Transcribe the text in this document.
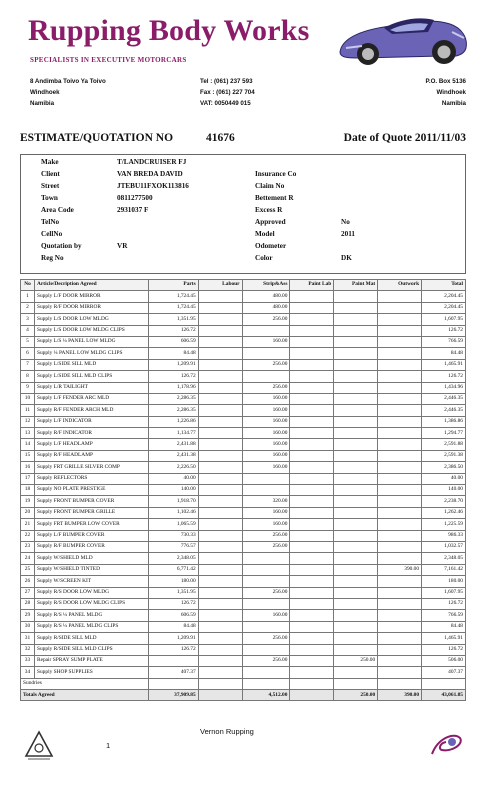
Rupping Body Works
SPECIALISTS IN EXECUTIVE MOTORCARS
8 Andimba Toivo Ya Toivo
Windhoek
Namibia
Tel : (061) 237 593
Fax : (061) 227 704
VAT: 0050449 015
P.O. Box 5136
Windhoek
Namibia
ESTIMATE/QUOTATION NO	41676	Date of Quote 2011/11/03
Make	T/LANDCRUISER FJ
Client	VAN BREDA DAVID	Insurance Co
Street	JTEBU11FXOK113816	Claim No
Town	0811277500	Bettement R
Area Code	2931037 F	Excess R
TelNo	Approved	No
CellNo	Model	2011
Quotation by	VR	Odometer
Reg No	Color	DK
No	Article/Decription Agreed	Parts	Labour	Strip&Ass	Paint Lab	Paint Mat	Outwork	Total
1	Supply L/F DOOR MIRROR	1,724.45		480.00				2,204.45
2	Supply R/F DOOR MIRROR	1,724.45		480.00				2,204.45
3	Supply L/S DOOR LOW MLDG	1,351.95		256.00				1,607.95
4	Supply L/S DOOR LOW MLDG CLIPS	126.72						126.72
5	Supply L/S ¼ PANEL LOW MLDG	606.59		160.00				766.59
6	Supply ¼ PANEL LOW MLDG CLIPS	84.48						84.48
7	Supply L/SIDE SILL MLD	1,209.91		256.00				1,465.91
8	Supply L/SIDE SILL MLD CLIPS	126.72						126.72
9	Supply L/R TAILIGHT	1,178.96		256.00				1,434.96
10	Supply L/F FENDER ARC MLD	2,286.35		160.00				2,446.35
11	Supply R/F FENDER ARCH MLD	2,286.35		160.00				2,446.35
12	Supply L/F INDICATOR	1,226.86		160.00				1,386.86
13	Supply R/F INDICATOR	1,134.77		160.00				1,294.77
14	Supply L/F HEADLAMP	2,431.88		160.00				2,591.88
15	Supply R/F HEADLAMP	2,431.38		160.00				2,591.38
16	Supply FRT GRILLE SILVER COMP	2,226.50		160.00				2,386.50
17	Supply REFLECTORS	40.00						40.00
18	Supply NO PLATE PRESTIGE	140.00						140.00
19	Supply FRONT BUMPER COVER	1,918.70		320.00				2,238.70
20	Supply FRONT BUMPER GRILLE	1,102.46		160.00				1,262.46
21	Supply FRT BUMPER LOW COVER	1,065.59		160.00				1,225.59
22	Supply L/F BUMPER COVER	730.33		256.00				986.33
23	Supply R/F BUMPER COVER	776.57		256.00				1,032.57
24	Supply W/SHIELD MLD	2,348.05						2,348.05
25	Supply W/SHIELD TINTED	6,771.42					390.00	7,161.42
26	Supply W/SCREEN KIT	180.00						180.00
27	Supply R/S DOOR LOW MLDG	1,351.95		256.00				1,607.95
28	Supply R/S DOOR LOW MLDG CLIPS	126.72						126.72
29	Supply R/S ¼ PANEL MLDG	606.59		160.00				766.59
30	Supply R/S ¼ PANEL MLDG CLIPS	84.48						84.48
31	Supply R/SIDE SILL MLD	1,209.91		256.00				1,465.91
32	Supply R/SIDE SILL MLD CLIPS	126.72						126.72
33	Repair SPRAY SUMP PLATE			256.00		250.00		506.00
34	Supply SHOP SUPPLIES	407.37						407.37
Sundries								
Totals Agreed		37,909.85		4,512.00		250.00	390.00	43,061.85
1
Vernon Rupping
